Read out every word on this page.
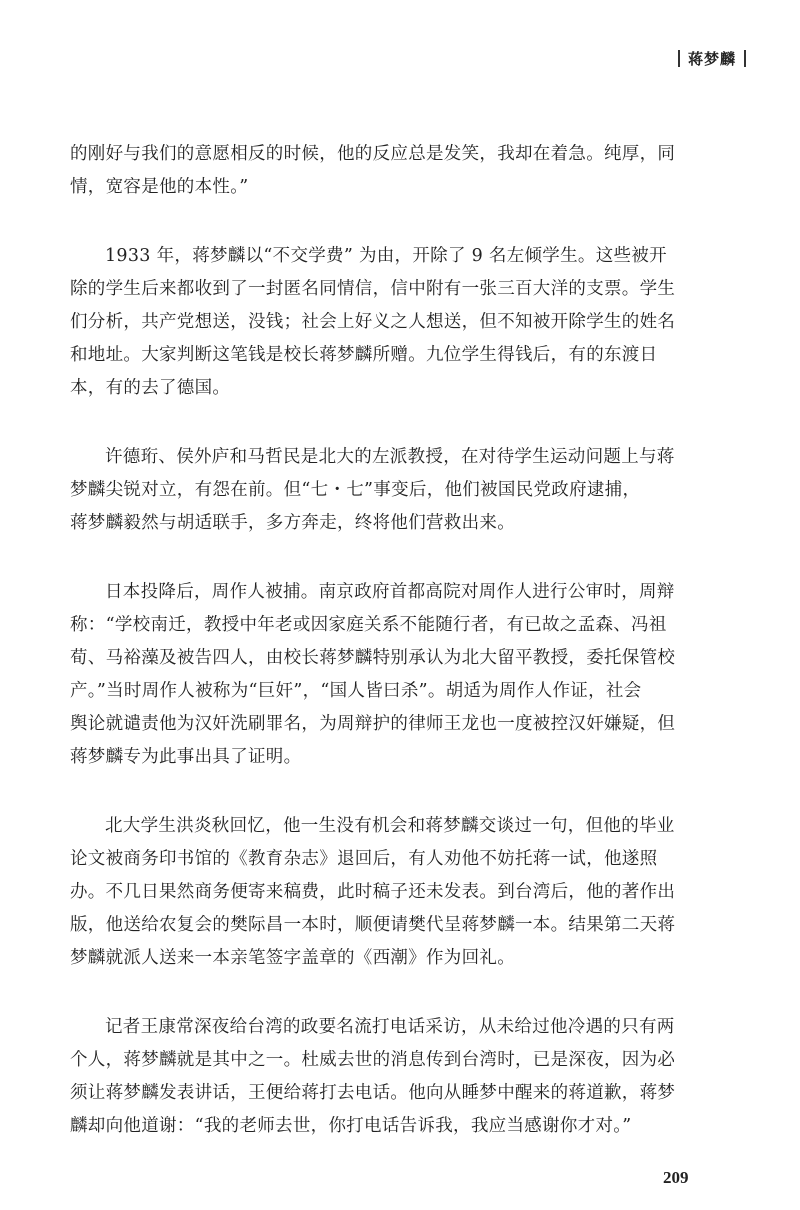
蒋梦麟

的刚好与我们的意愿相反的时候，他的反应总是发笑，我却在着急。纯厚，同
情，宽容是他的本性。”

1933 年，蒋梦麟以“不交学费” 为由，开除了 9 名左倾学生。这些被开
除的学生后来都收到了一封匿名同情信，信中附有一张三百大洋的支票。学生
们分析，共产党想送，没钱；社会上好义之人想送，但不知被开除学生的姓名
和地址。大家判断这笔钱是校长蒋梦麟所赠。九位学生得钱后，有的东渡日
本，有的去了德国。

许德珩、侯外庐和马哲民是北大的左派教授，在对待学生运动问题上与蒋
梦麟尖锐对立，有怨在前。但“七・七”事变后，他们被国民党政府逮捕，
蒋梦麟毅然与胡适联手，多方奔走，终将他们营救出来。

日本投降后，周作人被捕。南京政府首都高院对周作人进行公审时，周辩
称：“学校南迁，教授中年老或因家庭关系不能随行者，有已故之孟森、冯祖
荀、马裕藻及被告四人，由校长蒋梦麟特别承认为北大留平教授，委托保管校
产。”当时周作人被称为“巨奸”，“国人皆曰杀”。胡适为周作人作证，社会
舆论就谴责他为汉奸洗刷罪名，为周辩护的律师王龙也一度被控汉奸嫌疑，但
蒋梦麟专为此事出具了证明。

北大学生洪炎秋回忆，他一生没有机会和蒋梦麟交谈过一句，但他的毕业
论文被商务印书馆的《教育杂志》退回后，有人劝他不妨托蒋一试，他遂照
办。不几日果然商务便寄来稿费，此时稿子还未发表。到台湾后，他的著作出
版，他送给农复会的樊际昌一本时，顺便请樊代呈蒋梦麟一本。结果第二天蒋
梦麟就派人送来一本亲笔签字盖章的《西潮》作为回礼。

记者王康常深夜给台湾的政要名流打电话采访，从未给过他冷遇的只有两
个人，蒋梦麟就是其中之一。杜威去世的消息传到台湾时，已是深夜，因为必
须让蒋梦麟发表讲话，王便给蒋打去电话。他向从睡梦中醒来的蒋道歉，蒋梦
麟却向他道谢：“我的老师去世，你打电话告诉我，我应当感谢你才对。”

209
